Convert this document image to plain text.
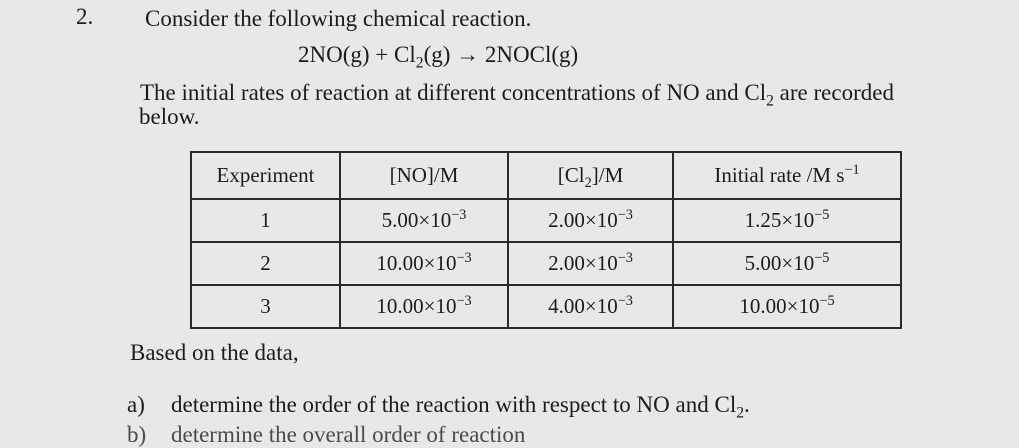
2. Consider the following chemical reaction.
$2NO(g) + Cl_2(g)$ → 2NOCl(g)
The initial rates of reaction at different concentrations of NO and $Cl_2$ are recorded
below.
Experiment	[NO]/M	$[Cl_2]/M$	Initial rate /M $s^{-1}$
1	$5.00\times 10^{-3}$	$2.00\times 10^{-3}$	$1.25\times 10^{-5}$
2	$10.00\times 10^{-3}$	$2.00\times 10^{-3}$	$5.00\times 10^{-5}$
3	$10.00\times 10^{-3}$	$4.00\times 10^{-3}$	$10.00\times 10^{-5}$
Based on the data,
a) determine the order of the reaction with respect to NO and $Cl_2$.
b) determine the overall order of reaction
